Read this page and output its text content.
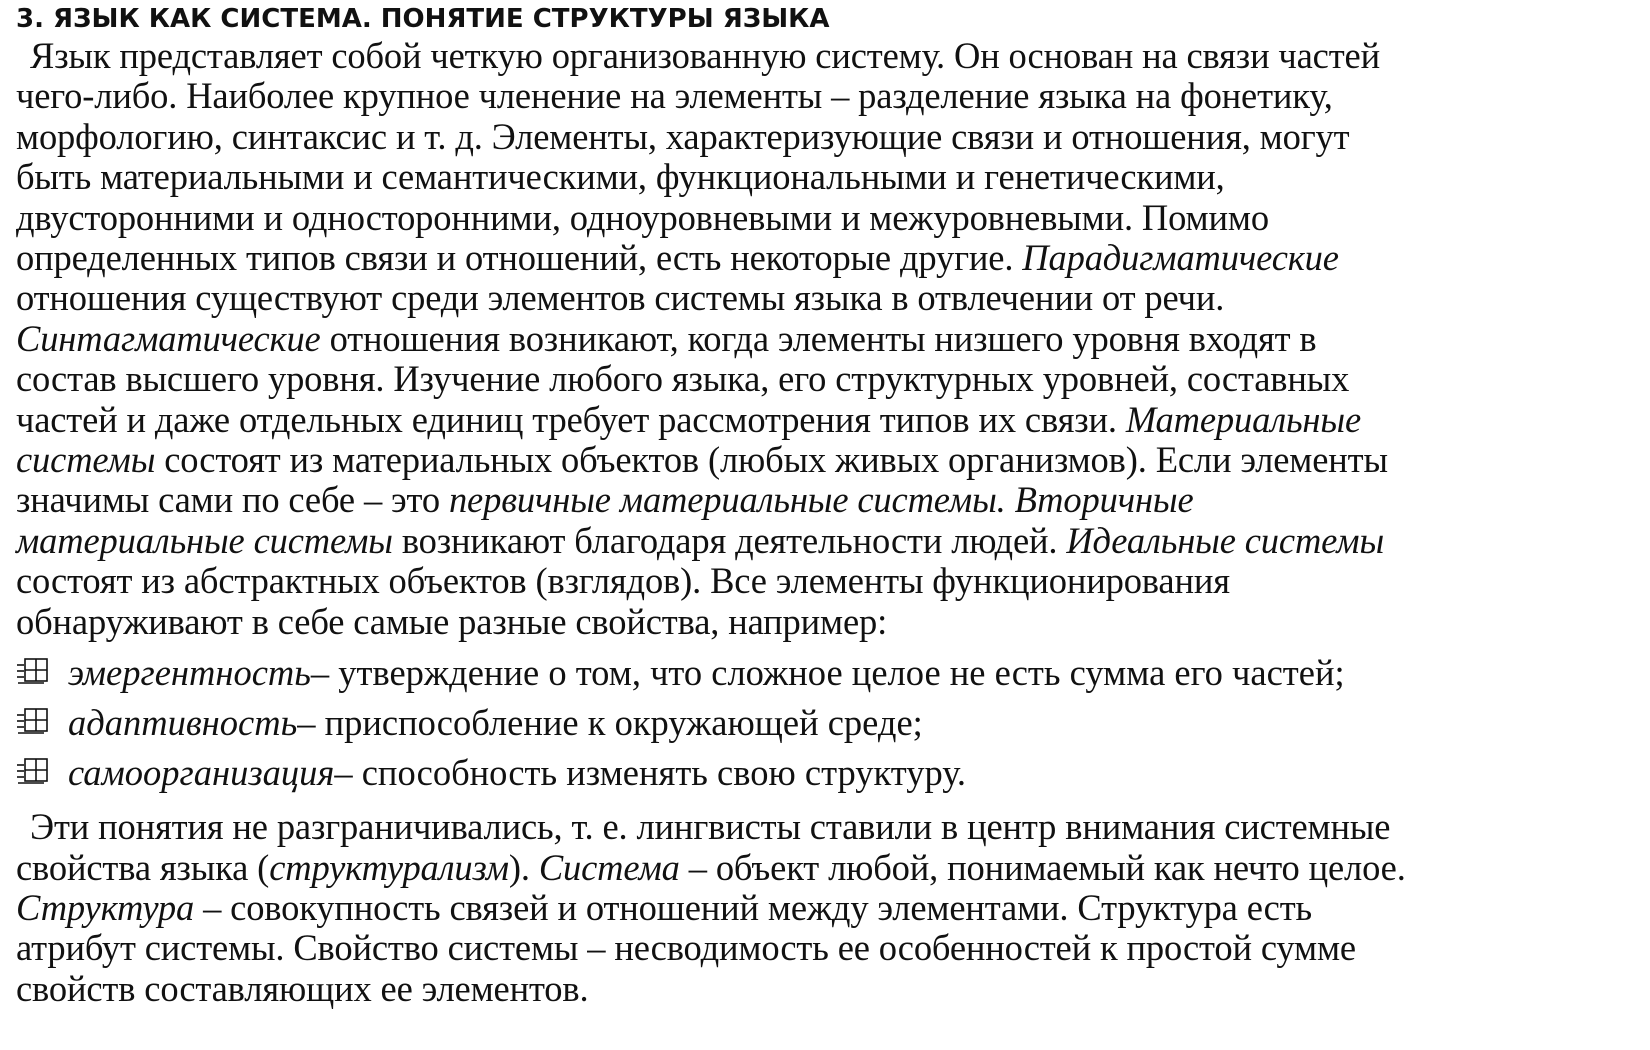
3. ЯЗЫК КАК СИСТЕМА. ПОНЯТИЕ СТРУКТУРЫ ЯЗЫКА

Язык представляет собой четкую организованную систему. Он основан на связи частей
чего-либо. Наиболее крупное членение на элементы – разделение языка на фонетику,
морфологию, синтаксис и т. д. Элементы, характеризующие связи и отношения, могут
быть материальными и семантическими, функциональными и генетическими,
двусторонними и односторонними, одноуровневыми и межуровневыми. Помимо
определенных типов связи и отношений, есть некоторые другие. Парадигматические
отношения существуют среди элементов системы языка в отвлечении от речи.
Синтагматические отношения возникают, когда элементы низшего уровня входят в
состав высшего уровня. Изучение любого языка, его структурных уровней, составных
частей и даже отдельных единиц требует рассмотрения типов их связи. Материальные
системы состоят из материальных объектов (любых живых организмов). Если элементы
значимы сами по себе – это первичные материальные системы. Вторичные
материальные системы возникают благодаря деятельности людей. Идеальные системы
состоят из абстрактных объектов (взглядов). Все элементы функционирования
обнаруживают в себе самые разные свойства, например:

эмергентность – утверждение о том, что сложное целое не есть сумма его частей;
адаптивность – приспособление к окружающей среде;
самоорганизация – способность изменять свою структуру.

Эти понятия не разграничивались, т. е. лингвисты ставили в центр внимания системные
свойства языка (структурализм). Система – объект любой, понимаемый как нечто целое.
Структура – совокупность связей и отношений между элементами. Структура есть
атрибут системы. Свойство системы – несводимость ее особенностей к простой сумме
свойств составляющих ее элементов.
